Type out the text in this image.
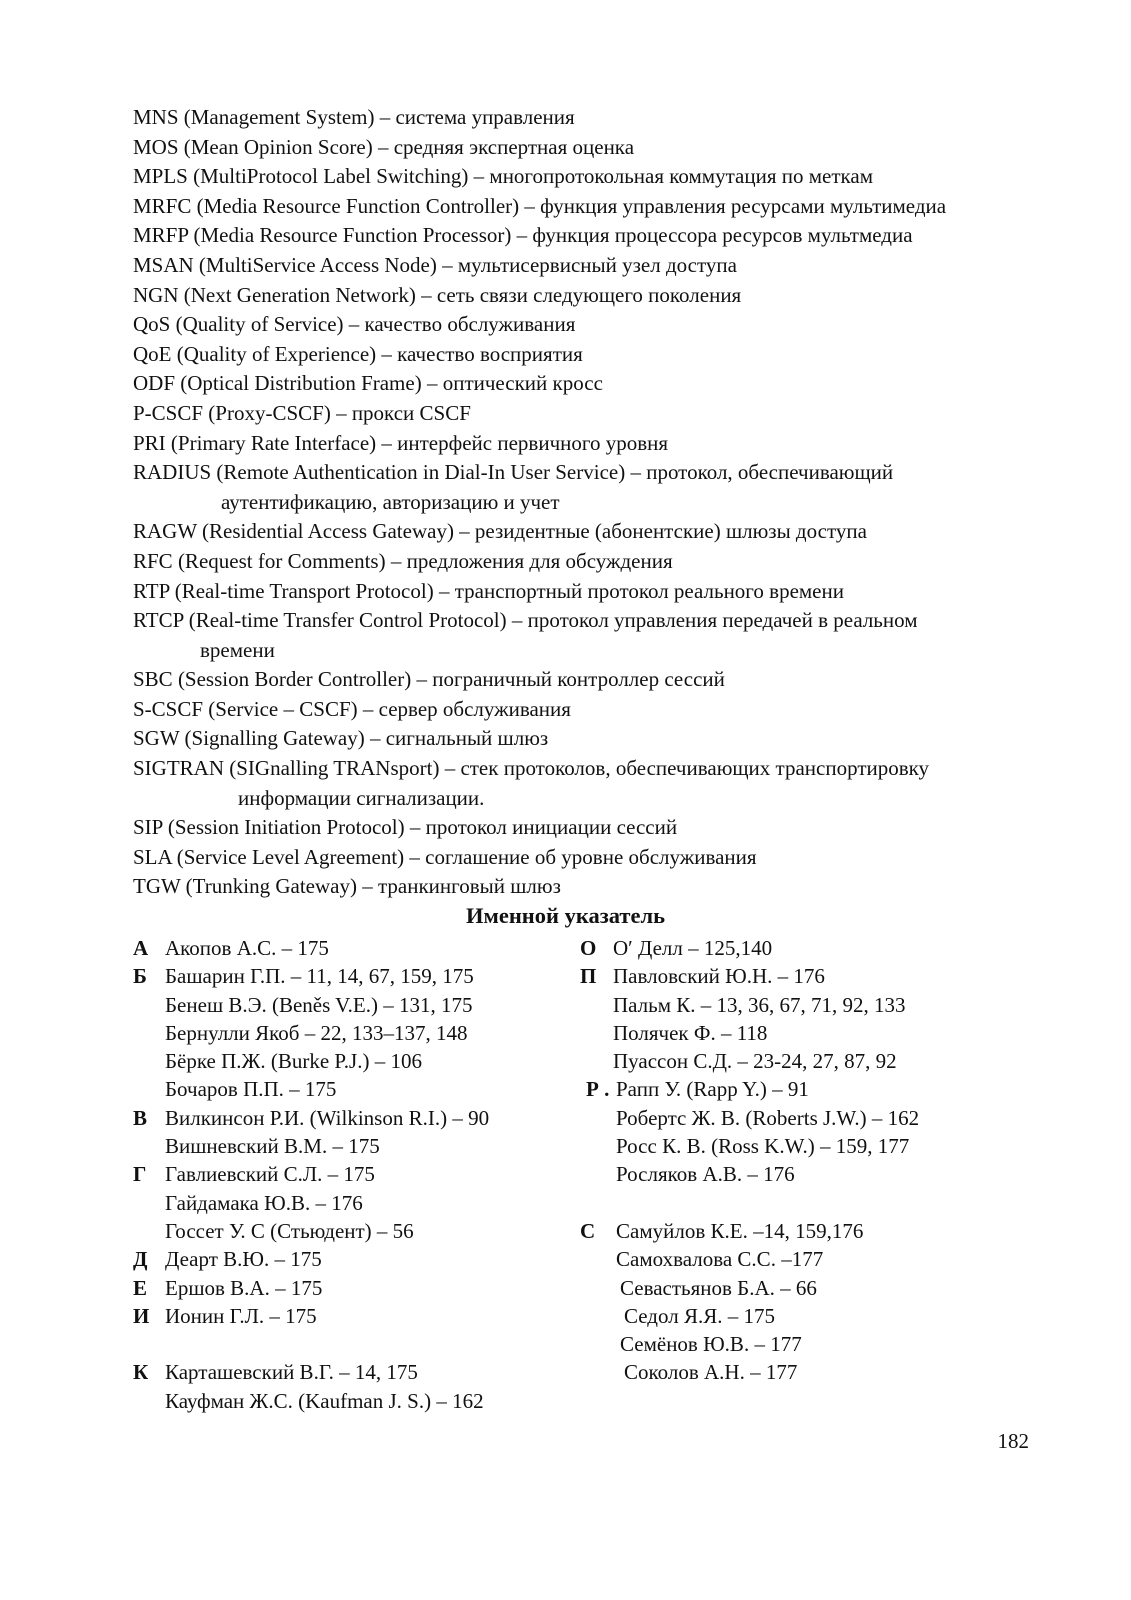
MNS (Management System) – система управления
MOS (Mean Opinion Score) – средняя экспертная оценка
MPLS (MultiProtocol Label Switching) – многопротокольная коммутация по меткам
MRFC (Media Resource Function Controller) – функция управления ресурсами мультимедиа
MRFP (Media Resource Function Processor) – функция процессора ресурсов мультмедиа
MSAN (MultiService Access Node) – мультисервисный узел доступа
NGN (Next Generation Network) – сеть связи следующего поколения
QoS (Quality of Service) – качество обслуживания
QoE (Quality of Experience) – качество восприятия
ODF (Optical Distribution Frame) – оптический кросс
P-CSCF (Proxy-CSCF) – прокси CSCF
PRI (Primary Rate Interface) – интерфейс первичного уровня
RADIUS (Remote Authentication in Dial-In User Service) – протокол, обеспечивающий
аутентификацию, авторизацию и учет
RAGW (Residential Access Gateway) – резидентные (абонентские) шлюзы доступа
RFC (Request for Comments) – предложения для обсуждения
RTP (Real-time Transport Protocol) – транспортный протокол реального времени
RTCP (Real-time Transfer Control Protocol) – протокол управления передачей в реальном
времени
SBC (Session Border Controller) – пограничный контроллер сессий
S-CSCF (Service – CSCF) – сервер обслуживания
SGW (Signalling Gateway) – сигнальный шлюз
SIGTRAN (SIGnalling TRANsport) – стек протоколов, обеспечивающих транспортировку
информации сигнализации.
SIP (Session Initiation Protocol) – протокол инициации сессий
SLA (Service Level Agreement) – соглашение об уровне обслуживания
TGW (Trunking Gateway) – транкинговый шлюз
Именной указатель
А Акопов А.С. – 175
Б Башарин Г.П. – 11, 14, 67, 159, 175
Бенеш В.Э. (Beněs V.E.) – 131, 175
Бернулли Якоб – 22, 133–137, 148
Бёрке П.Ж. (Burke P.J.) – 106
Бочаров П.П. – 175
В Вилкинсон Р.И. (Wilkinson R.I.) – 90
Вишневский В.М. – 175
Г Гавлиевский С.Л. – 175
Гайдамака Ю.В. – 176
Госсет У. С (Стьюдент) – 56
Д Деарт В.Ю. – 175
Е Ершов В.А. – 175
И Ионин Г.Л. – 175
К Карташевский В.Г. – 14, 175
Кауфман Ж.С. (Kaufman J. S.) – 162
О О′ Делл – 125,140
П Павловский Ю.Н. – 176
Пальм К. – 13, 36, 67, 71, 92, 133
Полячек Ф. – 118
Пуассон С.Д. – 23-24, 27, 87, 92
Р . Рапп У. (Rapp Y.) – 91
Робертс Ж. В. (Roberts J.W.) – 162
Росс К. В. (Ross K.W.) – 159, 177
Росляков А.В. – 176
С Самуйлов К.Е. –14, 159,176
Самохвалова С.С. –177
Севастьянов Б.А. – 66
Седол Я.Я. – 175
Семёнов Ю.В. – 177
Соколов А.Н. – 177
182
